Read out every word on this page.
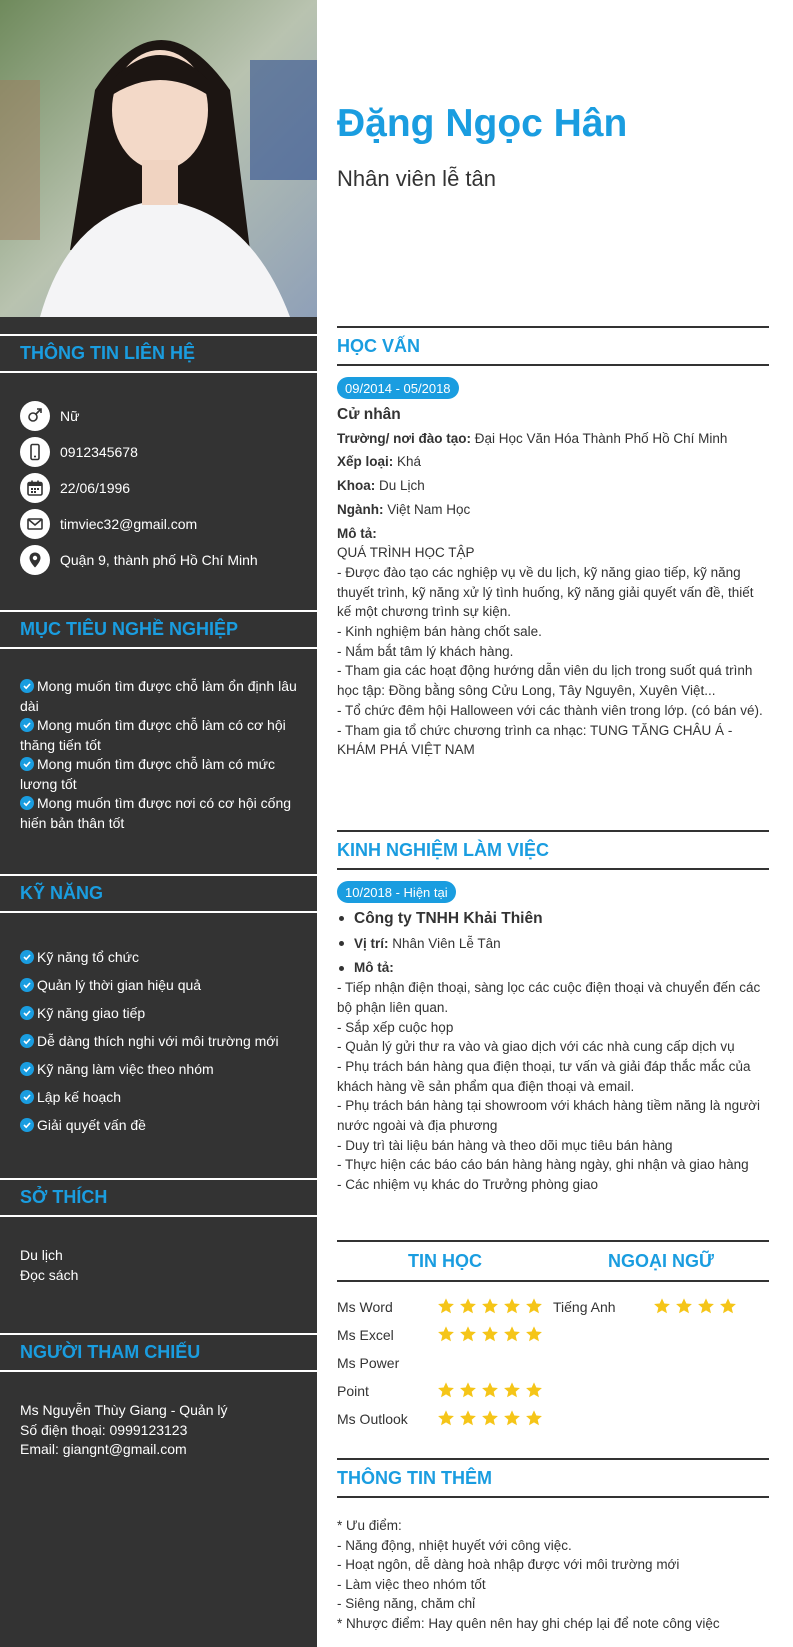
THÔNG TIN LIÊN HỆ
Nữ
0912345678
22/06/1996
timviec32@gmail.com
Quận 9, thành phố Hồ Chí Minh
MỤC TIÊU NGHỀ NGHIỆP
Mong muốn tìm được chỗ làm ổn định lâu dài
Mong muốn tìm được chỗ làm có cơ hội thăng tiến tốt
Mong muốn tìm được chỗ làm có mức lương tốt
Mong muốn tìm được nơi có cơ hội cống hiến bản thân tốt
KỸ NĂNG
Kỹ năng tổ chức
Quản lý thời gian hiệu quả
Kỹ năng giao tiếp
Dễ dàng thích nghi với môi trường mới
Kỹ năng làm việc theo nhóm
Lập kế hoạch
Giải quyết vấn đề
SỞ THÍCH
Du lịch
Đọc sách
NGƯỜI THAM CHIẾU
Ms Nguyễn Thùy Giang - Quản lý
Số điện thoại: 0999123123
Email: giangnt@gmail.com
Đặng Ngọc Hân
Nhân viên lễ tân
HỌC VẤN
09/2014 - 05/2018
Cử nhân
Trường/ nơi đào tạo: Đại Học Văn Hóa Thành Phố Hồ Chí Minh
Xếp loại: Khá
Khoa: Du Lịch
Ngành: Việt Nam Học
Mô tả:
QUÁ TRÌNH HỌC TẬP
- Được đào tạo các nghiệp vụ về du lịch, kỹ năng giao tiếp, kỹ năng thuyết trình, kỹ năng xử lý tình huống, kỹ năng giải quyết vấn đề, thiết kế một chương trình sự kiện.
- Kinh nghiệm bán hàng chốt sale.
- Nắm bắt tâm lý khách hàng.
- Tham gia các hoạt động hướng dẫn viên du lịch trong suốt quá trình học tập: Đồng bằng sông Cửu Long, Tây Nguyên, Xuyên Việt...
- Tổ chức đêm hội Halloween với các thành viên trong lớp. (có bán vé).
- Tham gia tổ chức chương trình ca nhạc: TUNG TĂNG CHÂU Á - KHÁM PHÁ VIỆT NAM
KINH NGHIỆM LÀM VIỆC
10/2018 - Hiện tại
Công ty TNHH Khải Thiên
Vị trí:
Nhân Viên Lễ Tân
Mô tả:
- Tiếp nhận điện thoại, sàng lọc các cuộc điện thoại và chuyển đến các bộ phận liên quan.
- Sắp xếp cuộc họp
- Quản lý gửi thư ra vào và giao dịch với các nhà cung cấp dịch vụ
- Phụ trách bán hàng qua điện thoại, tư vấn và giải đáp thắc mắc của khách hàng về sản phẩm qua điện thoại và email.
- Phụ trách bán hàng tại showroom với khách hàng tiềm năng là người nước ngoài và địa phương
- Duy trì tài liệu bán hàng và theo dõi mục tiêu bán hàng
- Thực hiện các báo cáo bán hàng hàng ngày, ghi nhận và giao hàng
- Các nhiệm vụ khác do Trưởng phòng giao
TIN HỌC	NGOẠI NGỮ
Ms Word
Ms Excel
Ms Power
Point
Ms Outlook
Tiếng Anh
THÔNG TIN THÊM
* Ưu điểm:
- Năng động, nhiệt huyết với công việc.
- Hoạt ngôn, dễ dàng hoà nhập được với môi trường mới
- Làm việc theo nhóm tốt
- Siêng năng, chăm chỉ
* Nhược điểm: Hay quên nên hay ghi chép lại để note công việc
